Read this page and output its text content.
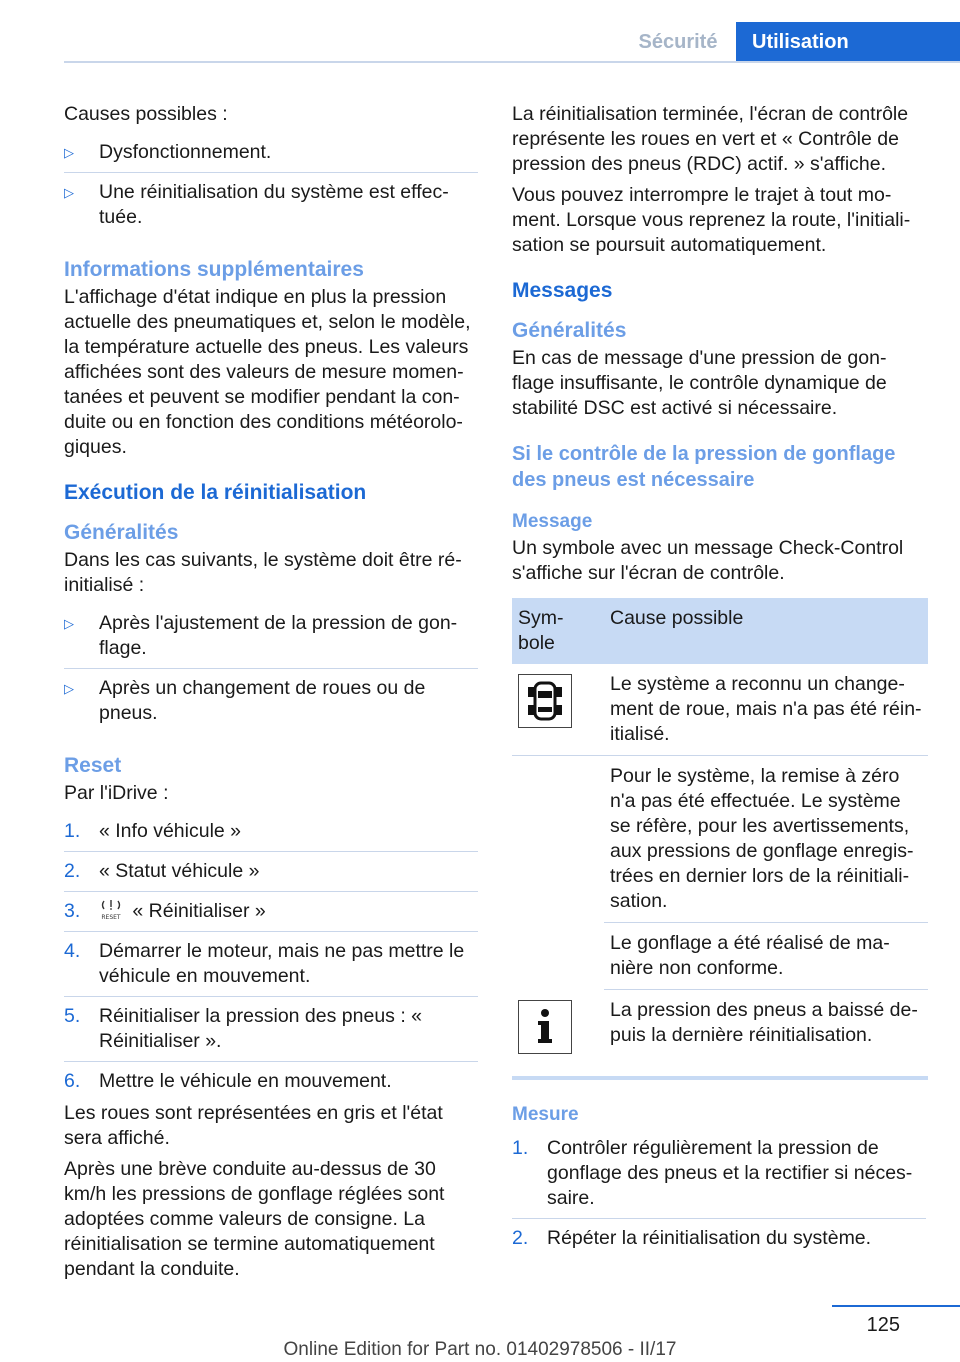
Sécurité	Utilisation

Causes possibles :

▷ Dysfonctionnement.
▷ Une réinitialisation du système est effec-tuée.
Informations supplémentaires

L'affichage d'état indique en plus la pression actuelle des pneumatiques et, selon le modèle, la température actuelle des pneus. Les valeurs affichées sont des valeurs de mesure momen-tanées et peuvent se modifier pendant la con-duite ou en fonction des conditions météorolo-giques.

Exécution de la réinitialisation
Généralités

Dans les cas suivants, le système doit être ré-initialisé :

▷ Après l'ajustement de la pression de gon-flage.
▷ Après un changement de roues ou de pneus.
Reset

Par l'iDrive :

1. « Info véhicule »
2. « Statut véhicule »
3.	RESET « Réinitialiser »
4. Démarrer le moteur, mais ne pas mettre le véhicule en mouvement.
5. Réinitialiser la pression des pneus : « Réinitialiser ».
6. Mettre le véhicule en mouvement.

Les roues sont représentées en gris et l'état sera affiché.

Après une brève conduite au-dessus de 30 km/h les pressions de gonflage réglées sont adoptées comme valeurs de consigne. La réinitialisation se termine automatiquement pendant la conduite.

La réinitialisation terminée, l'écran de contrôle représente les roues en vert et « Contrôle de pression des pneus (RDC) actif. » s'affiche.

Vous pouvez interrompre le trajet à tout mo-ment. Lorsque vous reprenez la route, l'initiali-sation se poursuit automatiquement.

Messages
Généralités

En cas de message d'une pression de gon-flage insuffisante, le contrôle dynamique de stabilité DSC est activé si nécessaire.

Si le contrôle de la pression de gonflage des pneus est nécessaire
Message

Un symbole avec un message Check-Control s'affiche sur l'écran de contrôle.

Sym-bole	Cause possible

	Le système a reconnu un change-ment de roue, mais n'a pas été réin-itialisé.
	Pour le système, la remise à zéro n'a pas été effectuée. Le système se réfère, pour les avertissements, aux pressions de gonflage enregis-trées en dernier lors de la réinitiali-sation.
	Le gonflage a été réalisé de ma-nière non conforme.

	La pression des pneus a baissé de-puis la dernière réinitialisation.
Mesure
1. Contrôler régulièrement la pression de gonflage des pneus et la rectifier si néces-saire.
2. Répéter la réinitialisation du système.
125
Online Edition for Part no. 01402978506 - II/17
